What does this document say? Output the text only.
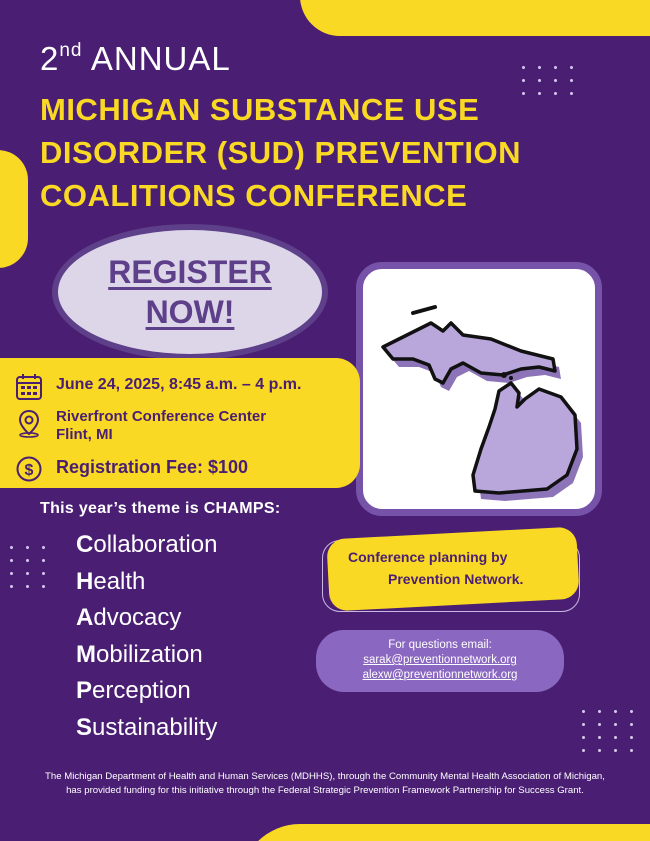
2nd ANNUAL
MICHIGAN SUBSTANCE USE
DISORDER (SUD) PREVENTION
COALITIONS CONFERENCE
REGISTER
NOW!
June 24, 2025, 8:45 a.m. – 4 p.m.
Riverfront Conference Center
Flint, MI
$ Registration Fee: $100
This year’s theme is CHAMPS:
Collaboration
Health
Advocacy
Mobilization
Perception
Sustainability
Conference planning by
Prevention Network.
For questions email:
sarak@preventionnetwork.org
alexw@preventionnetwork.org
The Michigan Department of Health and Human Services (MDHHS), through the Community Mental Health Association of Michigan, has provided funding for this initiative through the Federal Strategic Prevention Framework Partnership for Success Grant.
